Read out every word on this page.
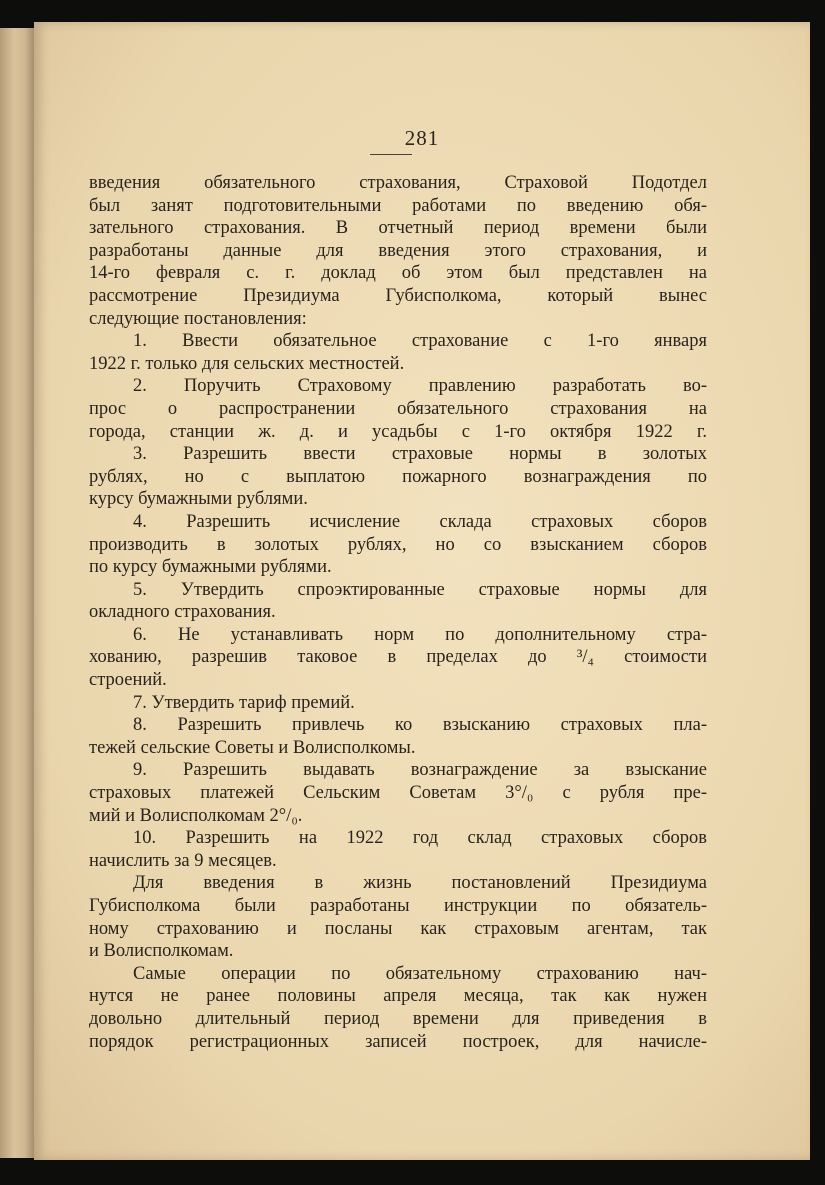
281
введения обязательного страхования, Страховой Подотдел
был занят подготовительными работами по введению обя-
зательного страхования. В отчетный период времени были
разработаны данные для введения этого страхования, и
14-го февраля с. г. доклад об этом был представлен на
рассмотрение Президиума Губисполкома, который вынес
следующие постановления:
1. Ввести обязательное страхование с 1-го января
1922 г. только для сельских местностей.
2. Поручить Страховому правлению разработать во-
прос о распространении обязательного страхования на
города, станции ж. д. и усадьбы с 1-го октября 1922 г.
3. Разрешить ввести страховые нормы в золотых
рублях, но с выплатою пожарного вознаграждения по
курсу бумажными рублями.
4. Разрешить исчисление склада страховых сборов
производить в золотых рублях, но со взысканием сборов
по курсу бумажными рублями.
5. Утвердить спроэктированные страховые нормы для
окладного страхования.
6. Не устанавливать норм по дополнительному стра-
хованию, разрешив таковое в пределах до ³/₄ стоимости
строений.
7. Утвердить тариф премий.
8. Разрешить привлечь ко взысканию страховых пла-
тежей сельские Советы и Волисполкомы.
9. Разрешить выдавать вознаграждение за взыскание
страховых платежей Сельским Советам 3°/₀ с рубля пре-
мий и Волисполкомам 2°/₀.
10. Разрешить на 1922 год склад страховых сборов
начислить за 9 месяцев.
Для введения в жизнь постановлений Президиума
Губисполкома были разработаны инструкции по обязатель-
ному страхованию и посланы как страховым агентам, так
и Волисполкомам.
Самые операции по обязательному страхованию нач-
нутся не ранее половины апреля месяца, так как нужен
довольно длительный период времени для приведения в
порядок регистрационных записей построек, для начисле-
